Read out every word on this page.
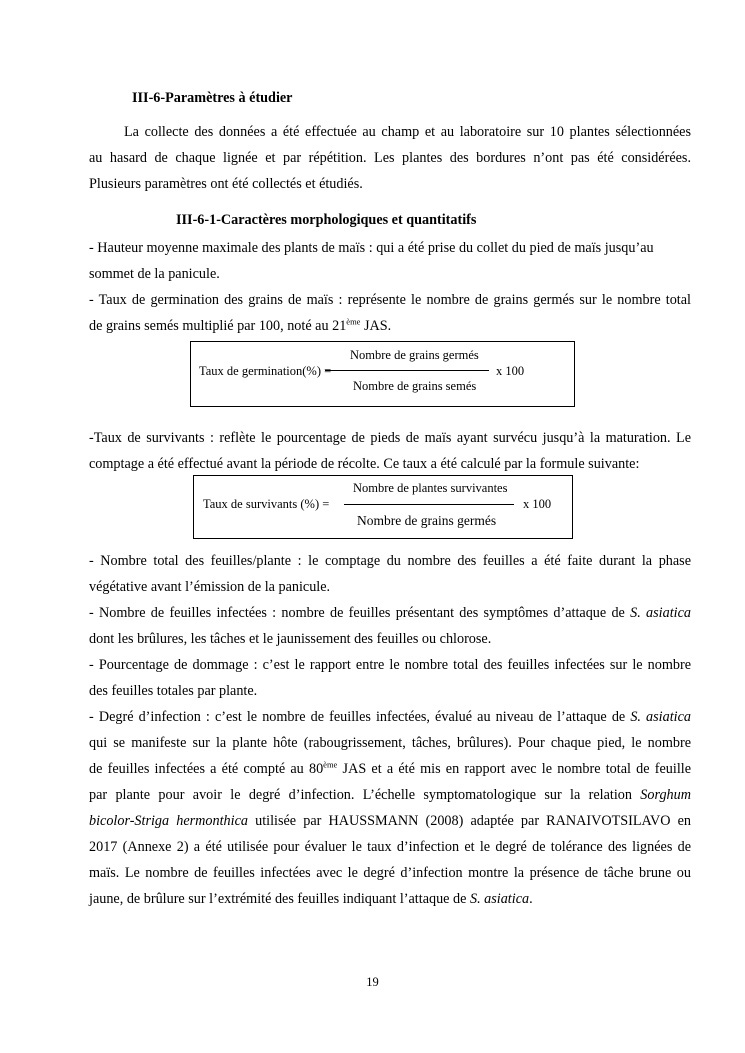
III-6-Paramètres à étudier
La collecte des données a été effectuée au champ et au laboratoire sur 10 plantes sélectionnées
au hasard de chaque lignée et par répétition. Les plantes des bordures n’ont pas été considérées.
Plusieurs paramètres ont été collectés et étudiés.
III-6-1-Caractères morphologiques et quantitatifs
- Hauteur moyenne maximale des plants de maïs : qui a été prise du collet du pied de maïs jusqu’au
sommet de la panicule.
- Taux de germination des grains de maïs : représente le nombre de grains germés sur le nombre total
de grains semés multiplié par 100, noté au 21ème JAS.
Taux de germination(%) =
Nombre de grains germés
Nombre de grains semés
x 100
-Taux de survivants : reflète le pourcentage de pieds de maïs ayant survécu jusqu’à la maturation. Le
comptage a été effectué avant la période de récolte. Ce taux a été calculé par la formule suivante:
Taux de survivants (%) =
Nombre de plantes survivantes
Nombre de grains germés
x 100
- Nombre total des feuilles/plante : le comptage du nombre des feuilles a été faite durant la phase
végétative avant l’émission de la panicule.
- Nombre de feuilles infectées : nombre de feuilles présentant des symptômes d’attaque de S. asiatica
dont les brûlures, les tâches et le jaunissement des feuilles ou chlorose.
- Pourcentage de dommage : c’est le rapport entre le nombre total des feuilles infectées sur le nombre
des feuilles totales par plante.
- Degré d’infection : c’est le nombre de feuilles infectées, évalué au niveau de l’attaque de S. asiatica
qui se manifeste sur la plante hôte (rabougrissement, tâches, brûlures). Pour chaque pied, le nombre
de feuilles infectées a été compté au 80ème JAS et a été mis en rapport avec le nombre total de feuille
par plante pour avoir le degré d’infection. L’échelle symptomatologique sur la relation Sorghum
bicolor-Striga hermonthica utilisée par HAUSSMANN (2008) adaptée par RANAIVOTSILAVO en
2017 (Annexe 2) a été utilisée pour évaluer le taux d’infection et le degré de tolérance des lignées de
maïs. Le nombre de feuilles infectées avec le degré d’infection montre la présence de tâche brune ou
jaune, de brûlure sur l’extrémité des feuilles indiquant l’attaque de S. asiatica.
19
